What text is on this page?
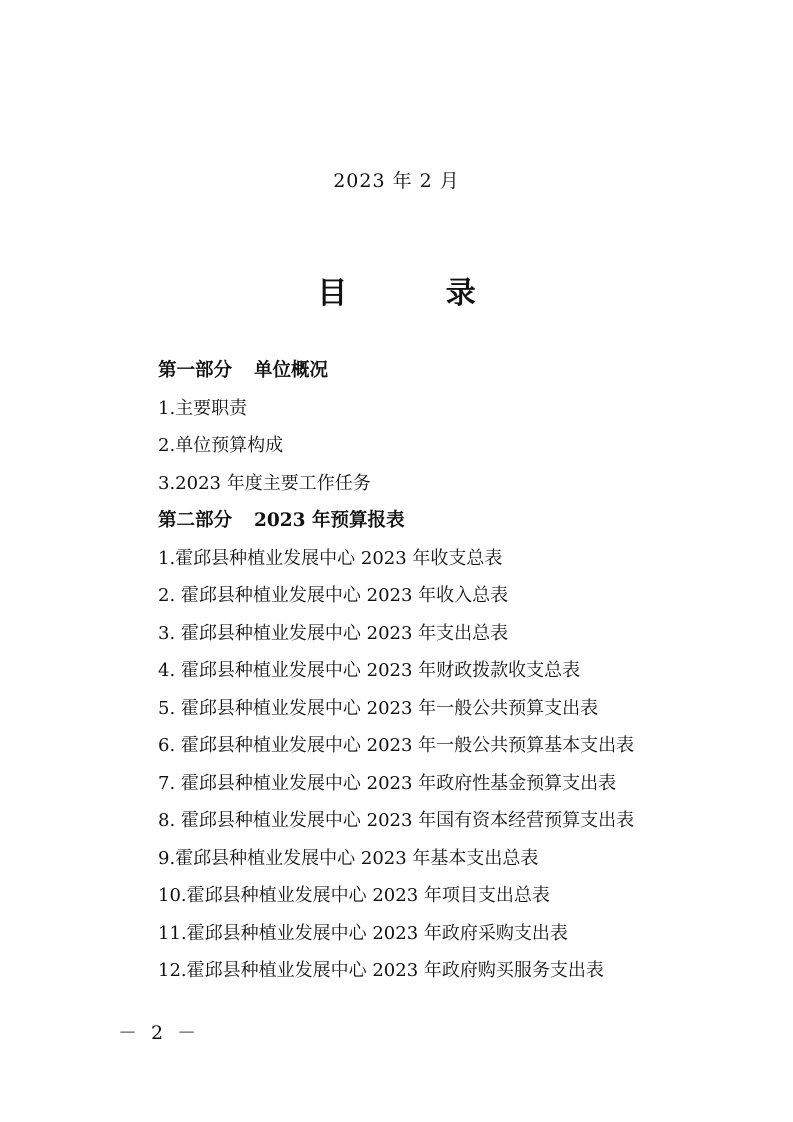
2023 年 2 月
目 录
第一部分 单位概况
1.主要职责
2.单位预算构成
3.2023 年度主要工作任务
第二部分 2023 年预算报表
1.霍邱县种植业发展中心 2023 年收支总表
2. 霍邱县种植业发展中心 2023 年收入总表
3. 霍邱县种植业发展中心 2023 年支出总表
4. 霍邱县种植业发展中心 2023 年财政拨款收支总表
5. 霍邱县种植业发展中心 2023 年一般公共预算支出表
6. 霍邱县种植业发展中心 2023 年一般公共预算基本支出表
7. 霍邱县种植业发展中心 2023 年政府性基金预算支出表
8. 霍邱县种植业发展中心 2023 年国有资本经营预算支出表
9.霍邱县种植业发展中心 2023 年基本支出总表
10.霍邱县种植业发展中心 2023 年项目支出总表
11.霍邱县种植业发展中心 2023 年政府采购支出表
12.霍邱县种植业发展中心 2023 年政府购买服务支出表
－ 2 －
